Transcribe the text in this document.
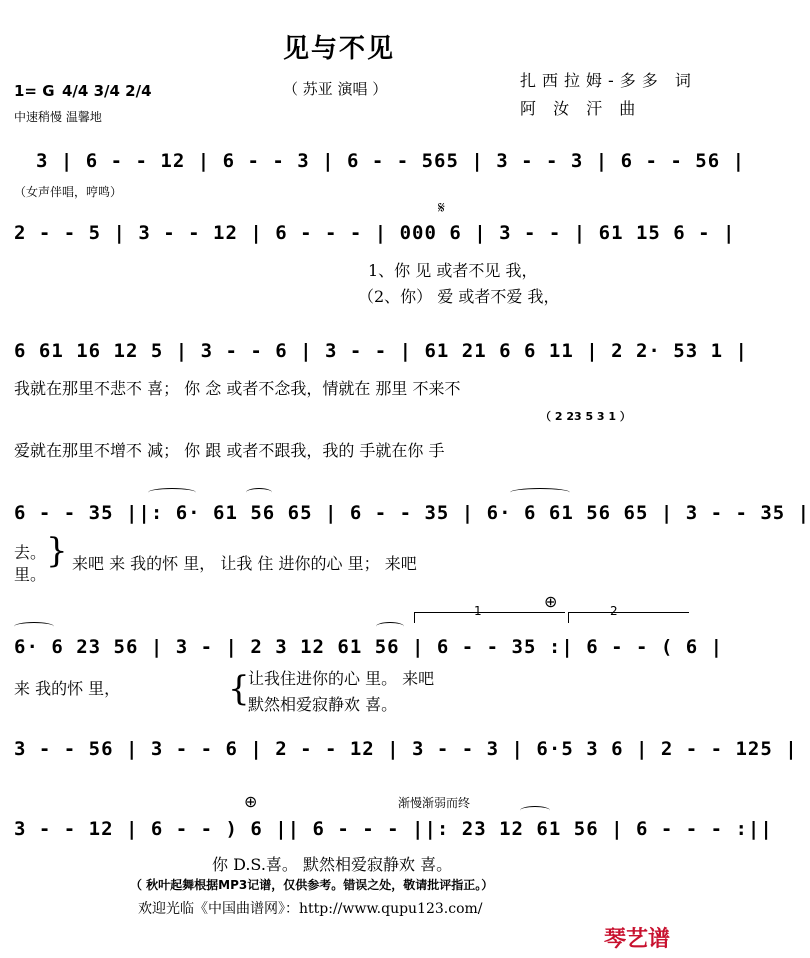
见与不见
（ 苏亚 演唱 ）	扎西拉姆-多多 词
阿 汝 汗 曲
1= G 4/4 3/4 2/4
中速稍慢 温馨地
3 | 6 - - 12 | 6 - - 3 | 6 - - 565 | 3 - - 3 | 6 - - 56 |
（女声伴唱，哼鸣）
𝄋
2 - - 5 | 3 - - 12 | 6 - - - | 000 6 | 3 - - | 61 15 6 - |
1、你 见 或者不见 我，
（2、你） 爱 或者不爱 我，
6 61 16 12 5 | 3 - - 6 | 3 - - | 61 21 6 6 11 | 2 2· 53 1 |
我就在那里不悲不 喜； 你 念 或者不念我，情就在 那里 不来不
（ 2 23 5 3 1 ）
爱就在那里不增不 减； 你 跟 或者不跟我，我的 手就在你 手
6 - - 35 ||: 6· 61 56 65 | 6 - - 35 | 6· 6 61 56 65 | 3 - - 35 |
去。
里。
} 来吧 来 我的怀 里， 让我 住 进你的心 里； 来吧
1	⊕	2
6· 6 23 56 | 3 - | 2 3 12 61 56 | 6 - - 35 :| 6 - - ( 6 |
来 我的怀 里，	{
让我住进你的心 里。 来吧
默然相爱寂静欢 喜。
3 - - 56 | 3 - - 6 | 2 - - 12 | 3 - - 3 | 6·5 3 6 | 2 - - 125 |
⊕	渐慢渐弱而终
3 - - 12 | 6 - - ) 6 || 6 - - - ||: 23 12 61 56 | 6 - - - :||
你 D.S.喜。 默然相爱寂静欢 喜。
（ 秋叶起舞根据MP3记谱，仅供参考。错误之处，敬请批评指正。）
欢迎光临《中国曲谱网》：http://www.qupu123.com/
琴艺谱
